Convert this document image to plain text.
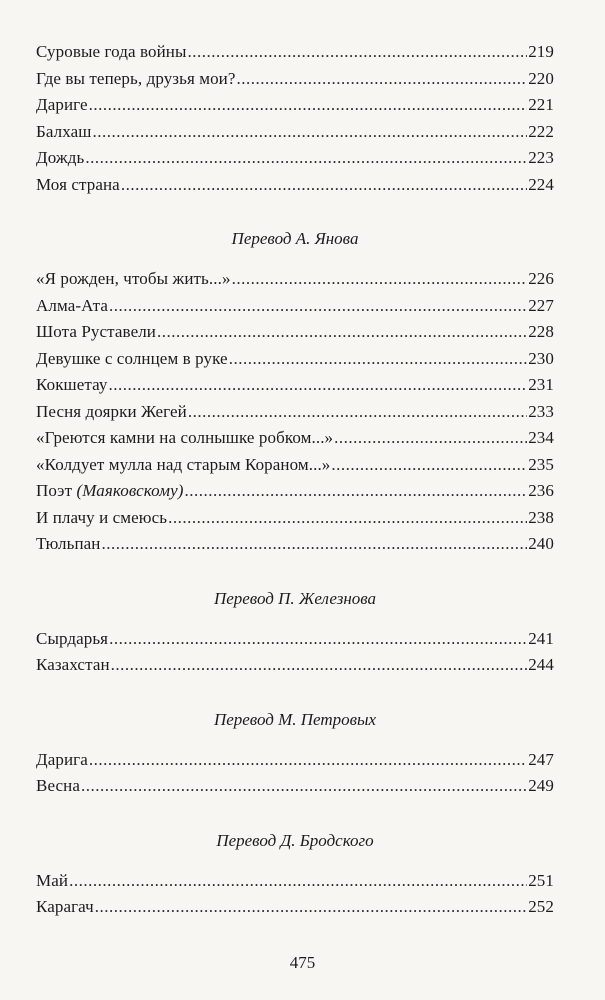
Суровые года войны .....	219
Где вы теперь, друзья мои? .....	220
Дариге .....	221
Балхаш .....	222
Дождь .....	223
Моя страна .....	224
Перевод А. Янова
«Я рожден, чтобы жить...» .....	226
Алма-Ата .....	227
Шота Руставели .....	228
Девушке с солнцем в руке .....	230
Кокшетау .....	231
Песня доярки Жегей .....	233
«Греются камни на солнышке робком...» .....	234
«Колдует мулла над старым Кораном...» .....	235
Поэт (Маяковскому) .....	236
И плачу и смеюсь .....	238
Тюльпан .....	240
Перевод П. Железнова
Сырдарья .....	241
Казахстан .....	244
Перевод М. Петровых
Дарига .....	247
Весна .....	249
Перевод Д. Бродского
Май .....	251
Карагач .....	252
475
